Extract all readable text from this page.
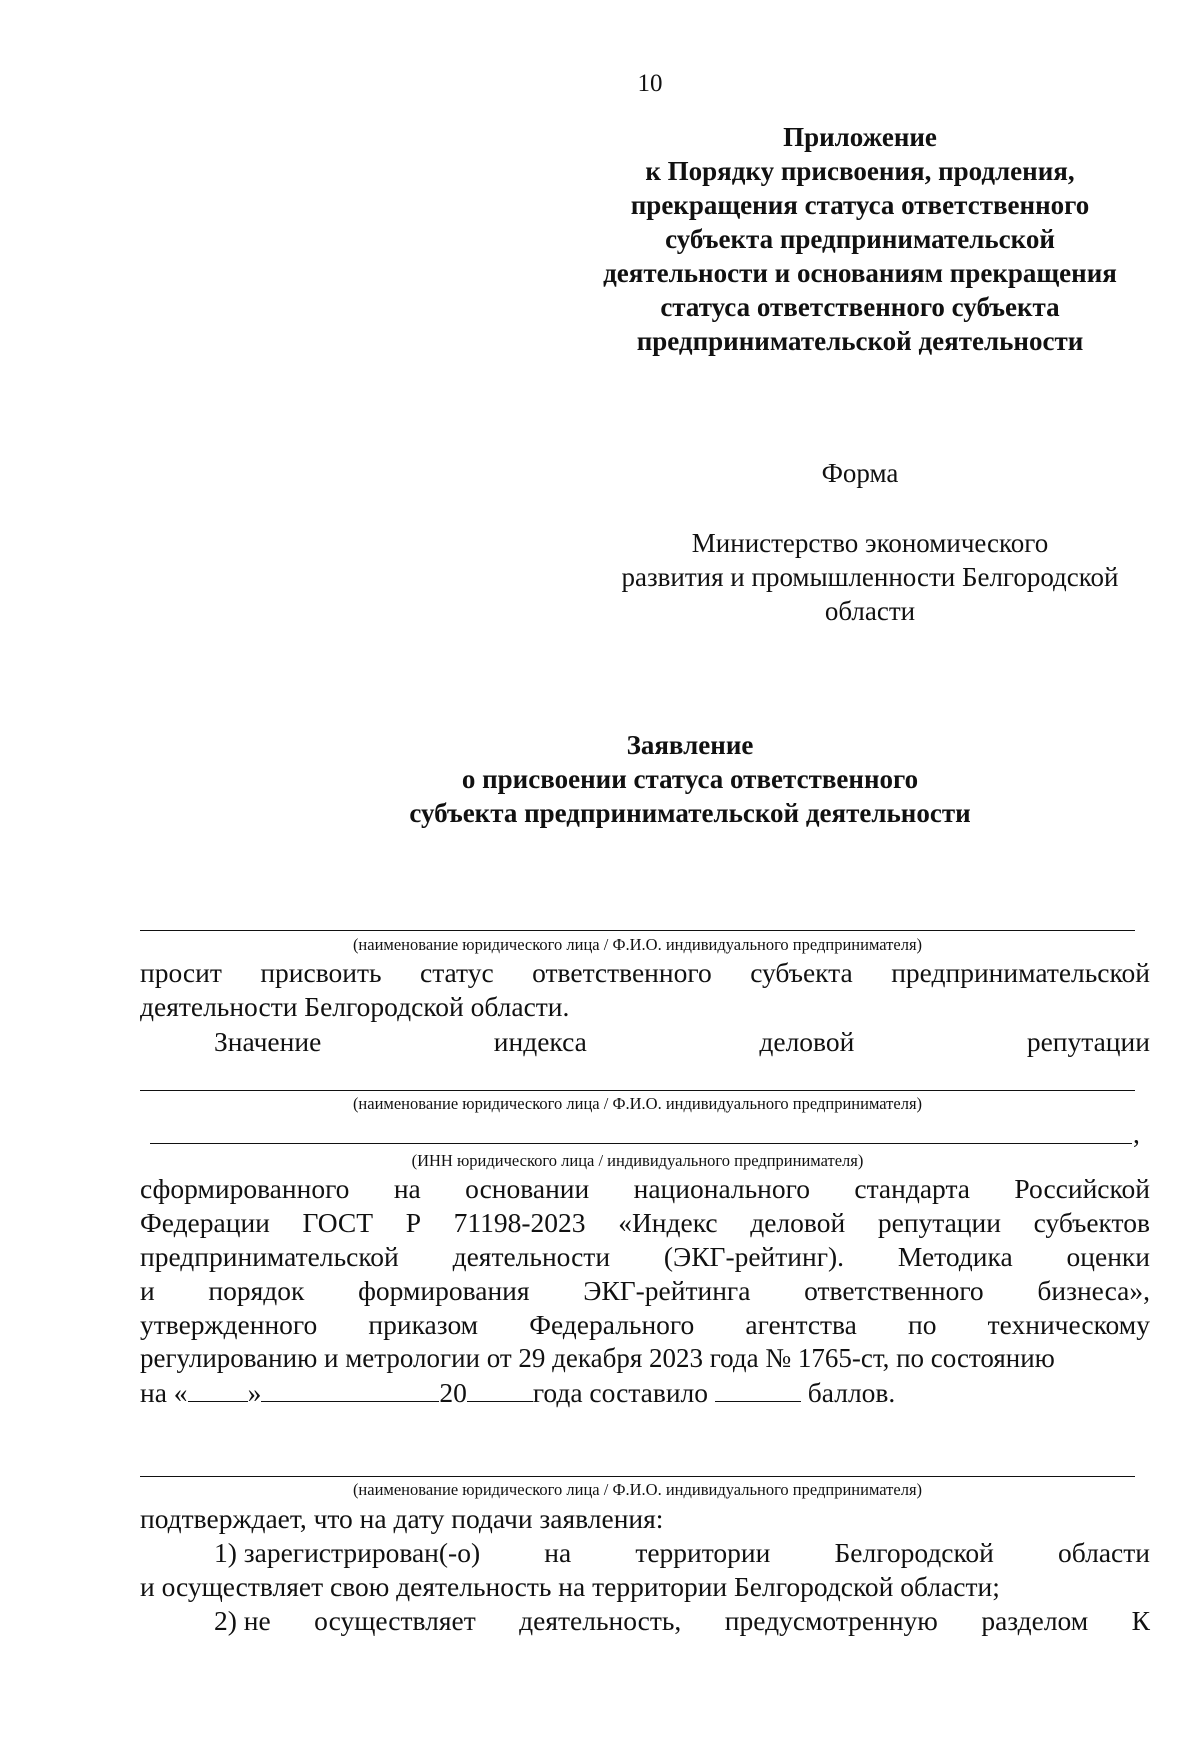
10
Приложение
к Порядку присвоения, продления,
прекращения статуса ответственного
субъекта предпринимательской
деятельности и основаниям прекращения
статуса ответственного субъекта
предпринимательской деятельности
Форма
Министерство экономического
развития и промышленности Белгородской
области
Заявление
о присвоении статуса ответственного
субъекта предпринимательской деятельности
(наименование юридического лица / Ф.И.О. индивидуального предпринимателя)
просит присвоить статус ответственного субъекта предпринимательской
деятельности Белгородской области.
Значение	индекса	деловой	репутации
(наименование юридического лица / Ф.И.О. индивидуального предпринимателя)
,
(ИНН юридического лица / индивидуального предпринимателя)
сформированного на основании национального стандарта Российской
Федерации ГОСТ Р 71198-2023 «Индекс деловой репутации субъектов
предпринимательской деятельности (ЭКГ-рейтинг). Методика оценки
и порядок формирования ЭКГ-рейтинга ответственного бизнеса»,
утвержденного приказом Федерального агентства по техническому
регулированию и метрологии от 29 декабря 2023 года № 1765-ст, по состоянию
на « »	20 года составило	баллов.
(наименование юридического лица / Ф.И.О. индивидуального предпринимателя)
подтверждает, что на дату подачи заявления:
1) зарегистрирован(-о) на территории Белгородской области
и осуществляет свою деятельность на территории Белгородской области;
2) не осуществляет деятельность, предусмотренную разделом К
